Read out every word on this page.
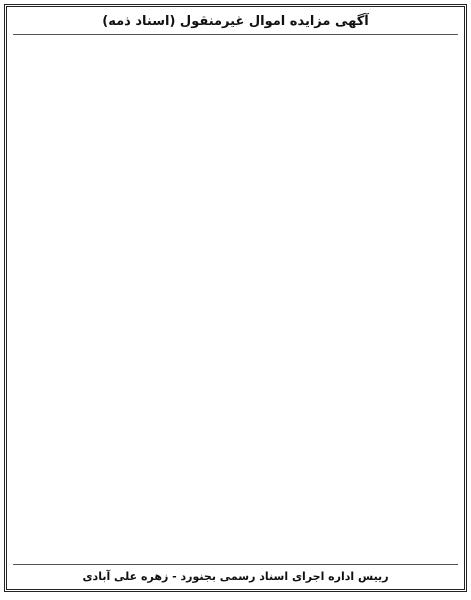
آگهی مزایده اموال غیرمنقول (اسناد ذمه)

رییس اداره اجرای اسناد رسمی بجنورد - زهره علی آبادی
